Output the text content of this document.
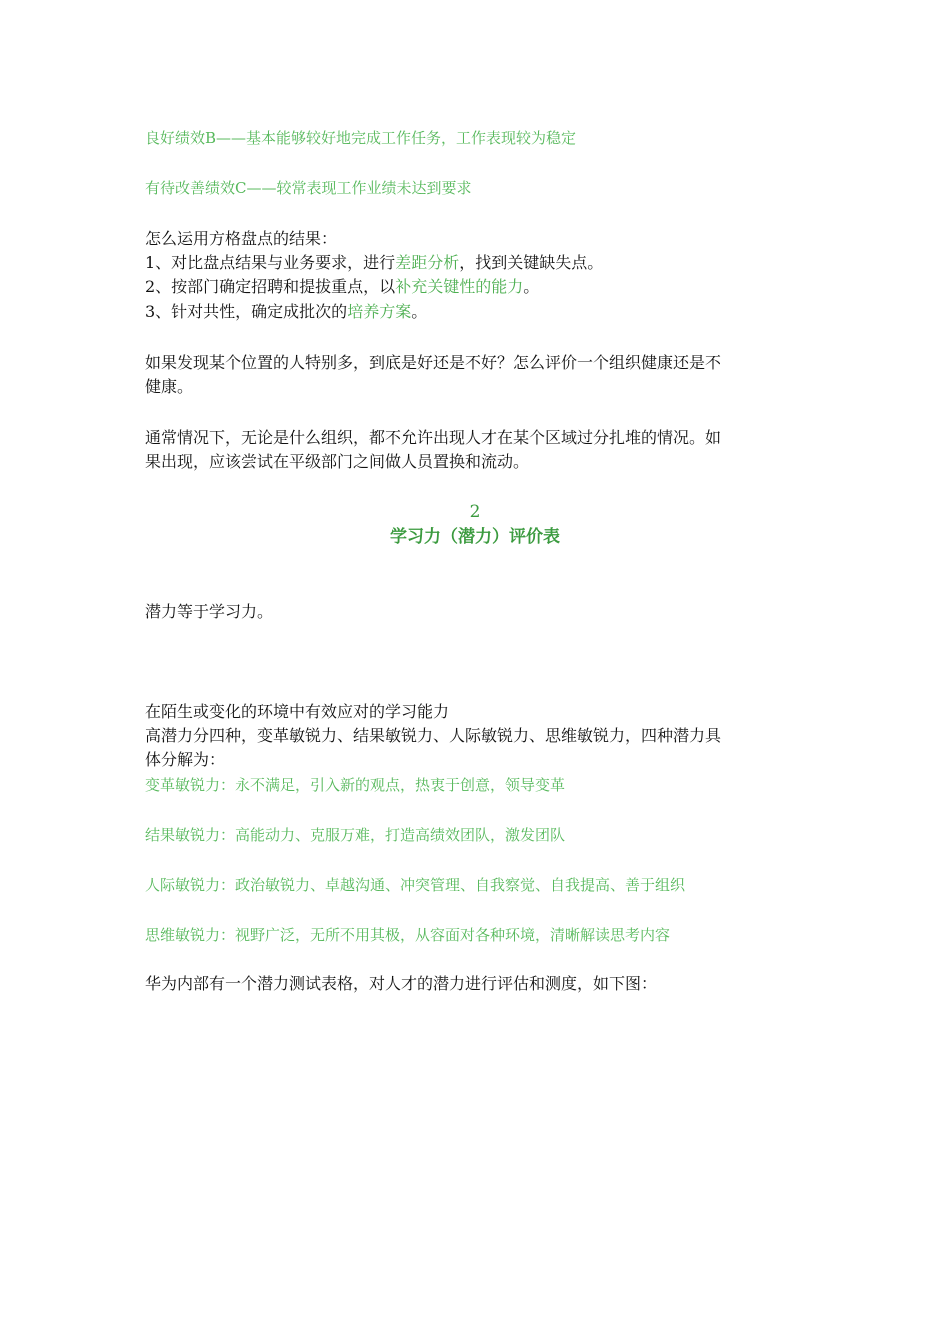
良好绩效B——基本能够较好地完成工作任务，工作表现较为稳定
有待改善绩效C——较常表现工作业绩未达到要求
怎么运用方格盘点的结果：
1、对比盘点结果与业务要求，进行差距分析，找到关键缺失点。
2、按部门确定招聘和提拔重点，以补充关键性的能力。
3、针对共性，确定成批次的培养方案。
如果发现某个位置的人特别多，到底是好还是不好？怎么评价一个组织健康还是不
健康。
通常情况下，无论是什么组织，都不允许出现人才在某个区域过分扎堆的情况。如
果出现，应该尝试在平级部门之间做人员置换和流动。
2
学习力（潜力）评价表
潜力等于学习力。
在陌生或变化的环境中有效应对的学习能力
高潜力分四种，变革敏锐力、结果敏锐力、人际敏锐力、思维敏锐力，四种潜力具
体分解为：
变革敏锐力：永不满足，引入新的观点，热衷于创意，领导变革
结果敏锐力：高能动力、克服万难，打造高绩效团队，激发团队
人际敏锐力：政治敏锐力、卓越沟通、冲突管理、自我察觉、自我提高、善于组织
思维敏锐力：视野广泛，无所不用其极，从容面对各种环境，清晰解读思考内容
华为内部有一个潜力测试表格，对人才的潜力进行评估和测度，如下图：
